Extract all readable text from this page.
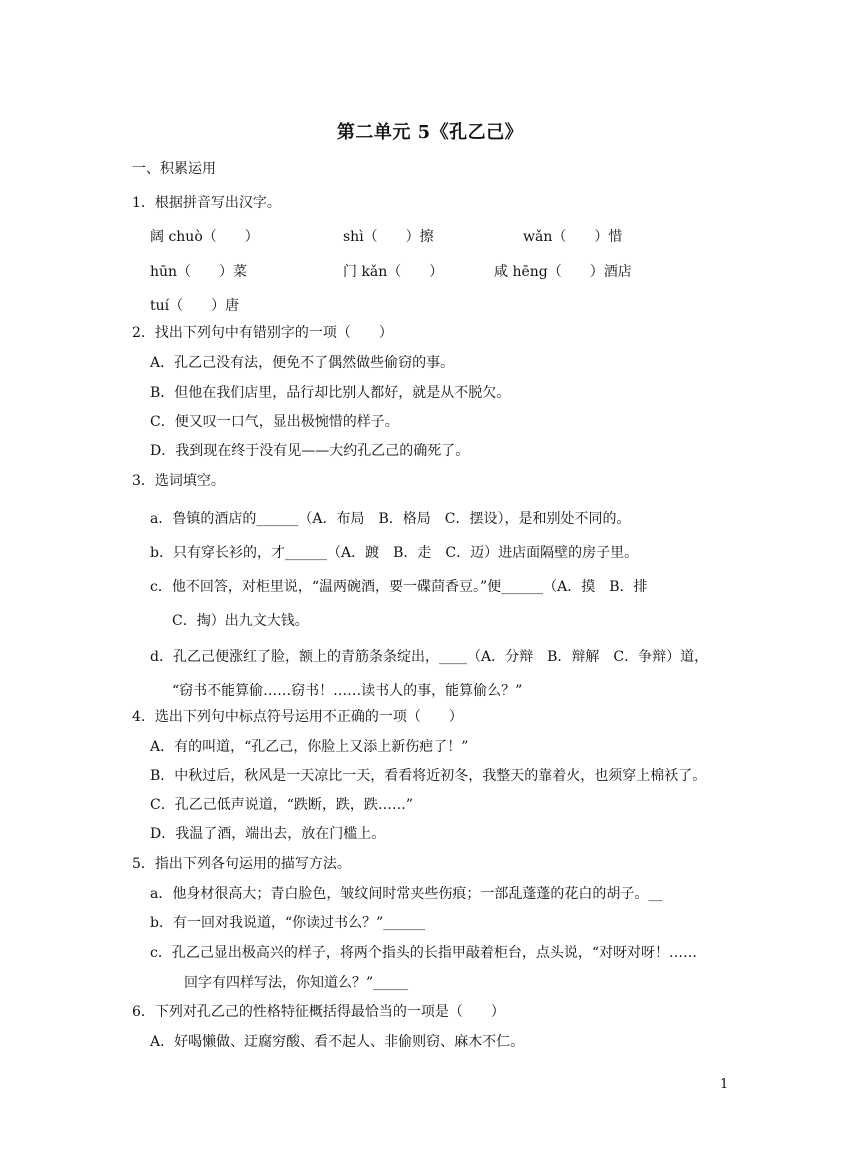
第二单元 5《孔乙己》
一、积累运用
1．根据拼音写出汉字。
阔 chuò（　　）	shì（　　）擦	wǎn（　　）惜
hūn（　　）菜	门 kǎn（　　）	咸 hēng（　　）酒店
tuí（　　）唐
2．找出下列句中有错别字的一项（　　）
A．孔乙己没有法，便免不了偶然做些偷窃的事。
B．但他在我们店里，品行却比别人都好，就是从不脱欠。
C．便又叹一口气，显出极惋惜的样子。
D．我到现在终于没有见——大约孔乙己的确死了。
3．选词填空。
a．鲁镇的酒店的______（A．布局　B．格局　C．摆设），是和别处不同的。
b．只有穿长衫的，才______（A．踱　B．走　C．迈）进店面隔壁的房子里。
c．他不回答，对柜里说，“温两碗酒，要一碟茴香豆。”便______（A．摸　B．排
C．掏）出九文大钱。
d．孔乙己便涨红了脸，额上的青筋条条绽出，____（A．分辩　B．辩解　C．争辩）道，
“窃书不能算偷……窃书！……读书人的事，能算偷么？”
4．选出下列句中标点符号运用不正确的一项（　　）
A．有的叫道，“孔乙己，你脸上又添上新伤疤了！”
B．中秋过后，秋风是一天凉比一天，看看将近初冬，我整天的靠着火，也须穿上棉袄了。
C．孔乙己低声说道，“跌断，跌，跌……”
D．我温了酒，端出去，放在门槛上。
5．指出下列各句运用的描写方法。
a．他身材很高大；青白脸色，皱纹间时常夹些伤痕；一部乱蓬蓬的花白的胡子。__
b．有一回对我说道，“你读过书么？”______
c．孔乙己显出极高兴的样子，将两个指头的长指甲敲着柜台，点头说，“对呀对呀！……
回字有四样写法，你知道么？”_____
6．下列对孔乙己的性格特征概括得最恰当的一项是（　　）
A．好喝懒做、迂腐穷酸、看不起人、非偷则窃、麻木不仁。
1
